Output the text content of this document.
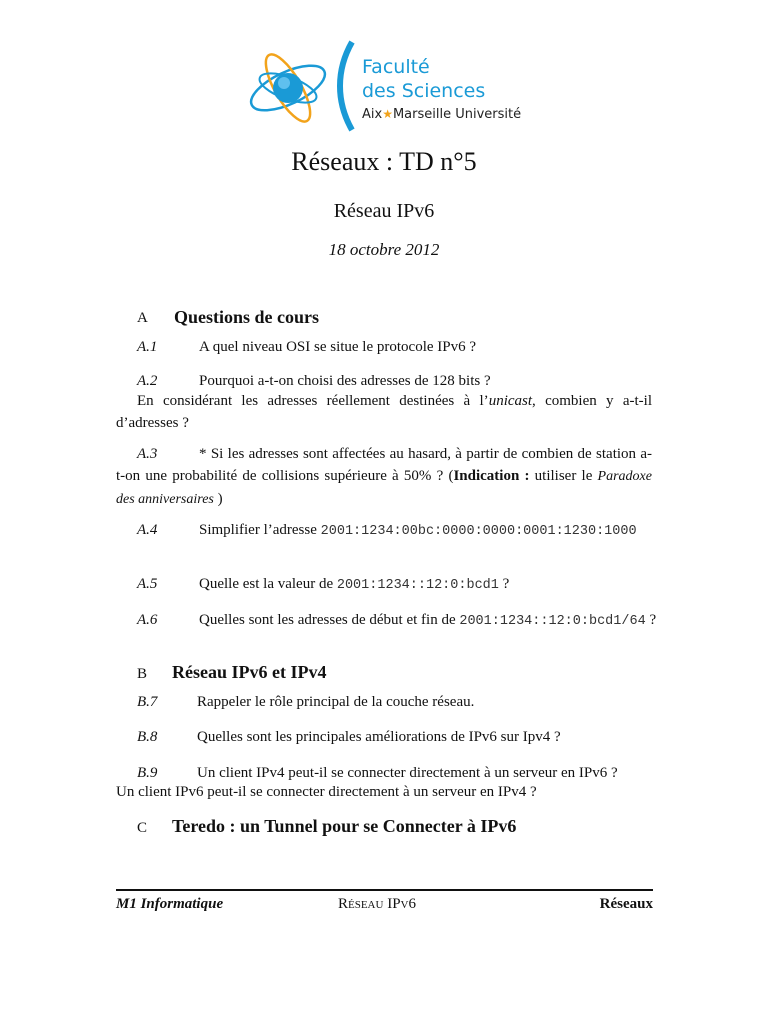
Faculté
des Sciences
Aix★Marseille Université
Réseaux : TD n°5
Réseau IPv6
18 octobre 2012
A Questions de cours
A.1	A quel niveau OSI se situe le protocole IPv6 ?
A.2	Pourquoi a-t-on choisi des adresses de 128 bits ?
En considérant les adresses réellement destinées à l’unicast, combien y a-t-il d’adresses ?
A.3	* Si les adresses sont affectées au hasard, à partir de combien de station a-t-on une probabilité de collisions supérieure à 50% ? (Indication : utiliser le Paradoxe des anniversaires )
A.4	Simplifier l’adresse 2001:1234:00bc:0000:0000:0001:1230:1000
A.5	Quelle est la valeur de 2001:1234::12:0:bcd1 ?
A.6	Quelles sont les adresses de début et fin de 2001:1234::12:0:bcd1/64 ?
B Réseau IPv6 et IPv4
B.7	Rappeler le rôle principal de la couche réseau.
B.8	Quelles sont les principales améliorations de IPv6 sur Ipv4 ?
B.9	Un client IPv4 peut-il se connecter directement à un serveur en IPv6 ?
Un client IPv6 peut-il se connecter directement à un serveur en IPv4 ?
C Teredo : un Tunnel pour se Connecter à IPv6
M1 Informatique	Réseau IPv6	Réseaux
